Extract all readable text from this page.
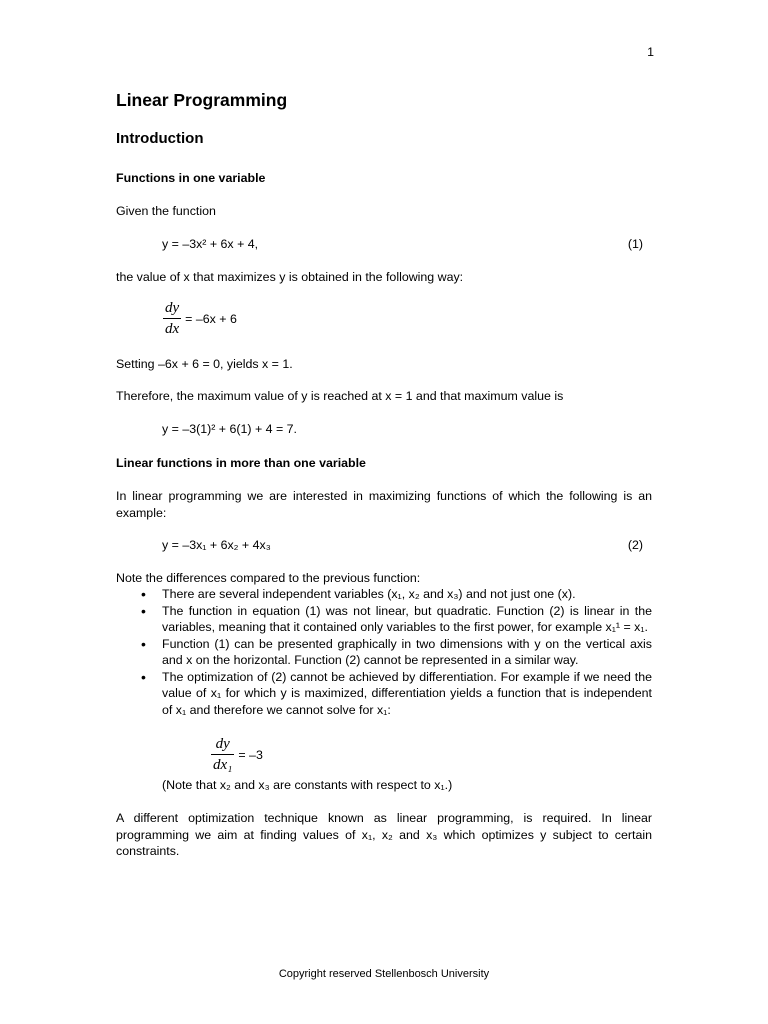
1
Linear Programming
Introduction
Functions in one variable
Given the function
y = –3x² + 6x + 4,	(1)
the value of x that maximizes y is obtained in the following way:
$\frac{dy}{dx} = -6x + 6$
Setting –6x + 6 = 0, yields x = 1.
Therefore, the maximum value of y is reached at x = 1 and that maximum value is
y = –3(1)² + 6(1) + 4 = 7.
Linear functions in more than one variable
In linear programming we are interested in maximizing functions of which the following is an example:
y = –3x₁ + 6x₂ + 4x₃	(2)
Note the differences compared to the previous function:
• There are several independent variables (x₁, x₂ and x₃) and not just one (x).
• The function in equation (1) was not linear, but quadratic. Function (2) is linear in the variables, meaning that it contained only variables to the first power, for example x₁¹ = x₁.
• Function (1) can be presented graphically in two dimensions with y on the vertical axis and x on the horizontal. Function (2) cannot be represented in a similar way.
• The optimization of (2) cannot be achieved by differentiation. For example if we need the value of x₁ for which y is maximized, differentiation yields a function that is independent of x₁ and therefore we cannot solve for x₁:
$\frac{dy}{\text{dx₁}} = -3$
(Note that x₂ and x₃ are constants with respect to x₁.)
A different optimization technique known as linear programming, is required. In linear programming we aim at finding values of x₁, x₂ and x₃ which optimizes y subject to certain constraints.
Copyright reserved Stellenbosch University
